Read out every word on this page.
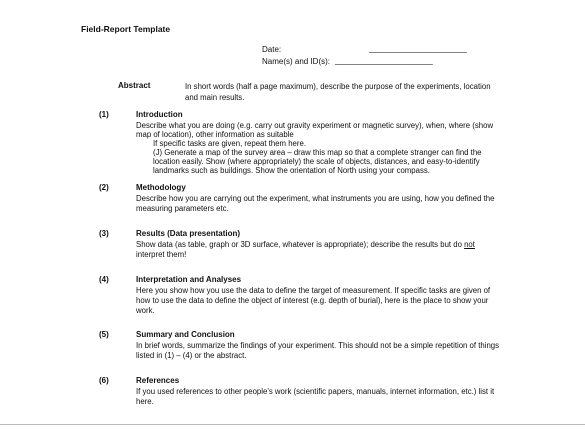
Field-Report Template
Date:	______________________
Name(s) and ID(s): ______________________
Abstract	In short words (half a page maximum), describe the purpose of the experiments, location
and main results.
(1)	Introduction
Describe what you are doing (e.g. carry out gravity experiment or magnetic survey), when, where (show
map of location), other information as suitable
If specific tasks are given, repeat them here.
(J) Generate a map of the survey area – draw this map so that a complete stranger can find the
location easily. Show (where appropriately) the scale of objects, distances, and easy-to-identify
landmarks such as buildings. Show the orientation of North using your compass.
(2)	Methodology
Describe how you are carrying out the experiment, what instruments you are using, how you defined the
measuring parameters etc.
(3)	Results (Data presentation)
Show data (as table, graph or 3D surface, whatever is appropriate); describe the results but do not
interpret them!
(4)	Interpretation and Analyses
Here you show how you use the data to define the target of measurement. If specific tasks are given of
how to use the data to define the object of interest (e.g. depth of burial), here is the place to show your
work.
(5)	Summary and Conclusion
In brief words, summarize the findings of your experiment. This should not be a simple repetition of things
listed in (1) – (4) or the abstract.
(6)	References
If you used references to other people's work (scientific papers, manuals, internet information, etc.) list it
here.
